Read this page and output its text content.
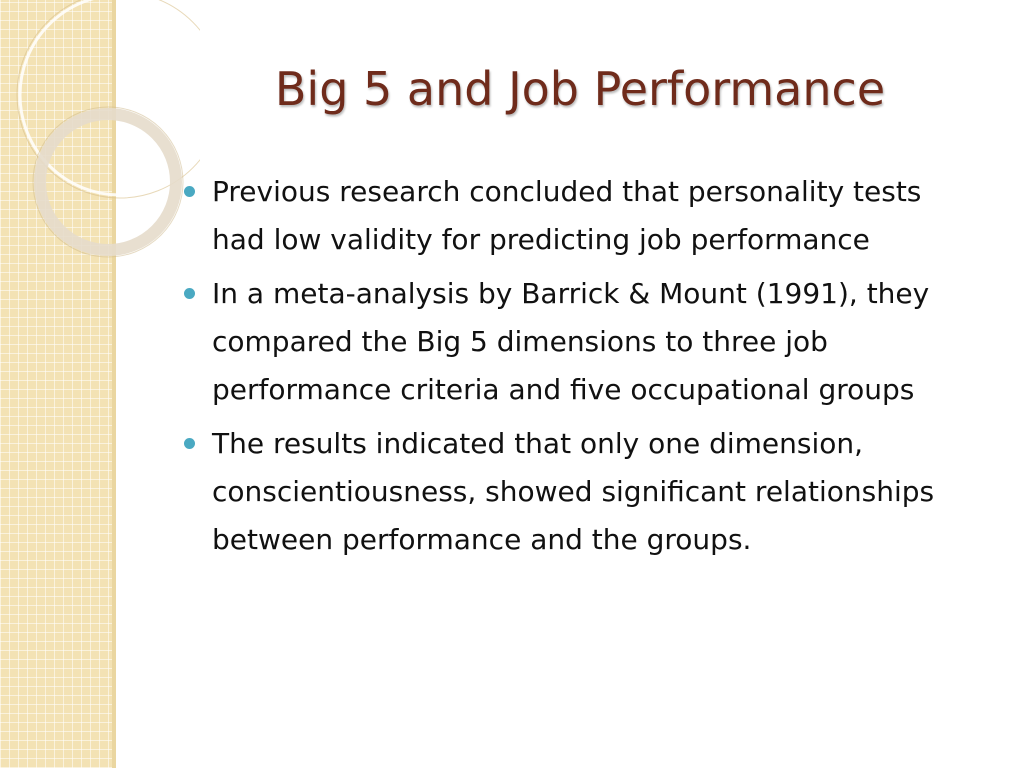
Big 5 and Job Performance
Previous research concluded that personality tests had low validity for predicting job performance
In a meta-analysis by Barrick & Mount (1991), they compared the Big 5 dimensions to three job performance criteria and five occupational groups
The results indicated that only one dimension, conscientiousness, showed significant relationships between performance and the groups.
